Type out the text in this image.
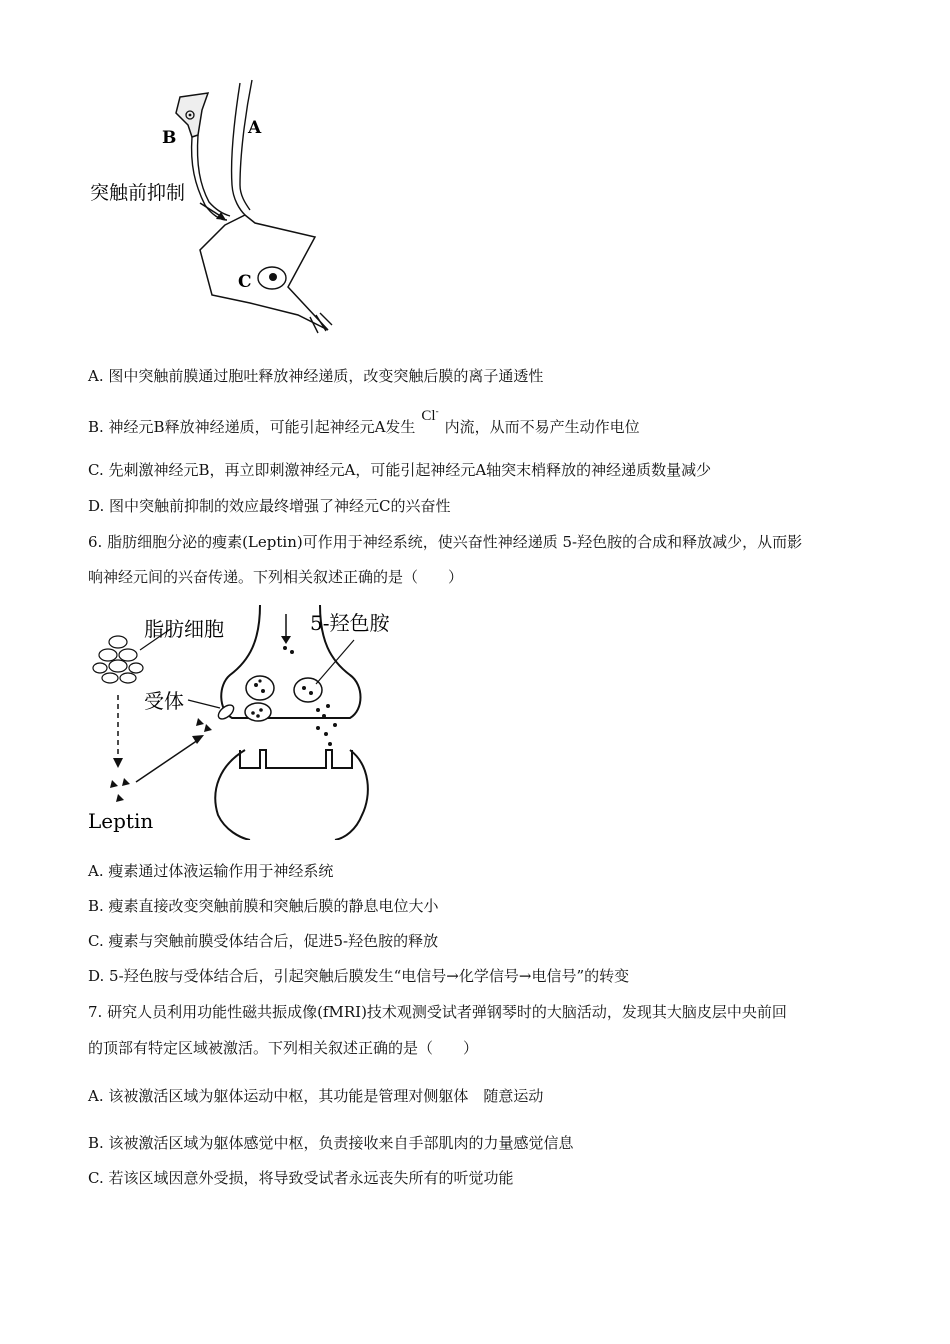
B	A
C
突触前抑制
A. 图中突触前膜通过胞吐释放神经递质，改变突触后膜的离子通透性
B. 神经元B释放神经递质，可能引起神经元A发生Cl-内流，从而不易产生动作电位
C. 先刺激神经元B，再立即刺激神经元A，可能引起神经元A轴突末梢释放的神经递质数量减少
D. 图中突触前抑制的效应最终增强了神经元C的兴奋性
6. 脂肪细胞分泌的瘦素(Leptin)可作用于神经系统，使兴奋性神经递质 5-羟色胺的合成和释放减少，从而影
响神经元间的兴奋传递。下列相关叙述正确的是（　　）
脂肪细胞
Leptin
受体
5-羟色胺
A. 瘦素通过体液运输作用于神经系统
B. 瘦素直接改变突触前膜和突触后膜的静息电位大小
C. 瘦素与突触前膜受体结合后，促进5-羟色胺的释放
D. 5-羟色胺与受体结合后，引起突触后膜发生“电信号→化学信号→电信号”的转变
7. 研究人员利用功能性磁共振成像(fMRI)技术观测受试者弹钢琴时的大脑活动，发现其大脑皮层中央前回
的顶部有特定区域被激活。下列相关叙述正确的是（　　）
A. 该被激活区域为躯体运动中枢，其功能是管理对侧躯体　随意运动
B. 该被激活区域为躯体感觉中枢，负责接收来自手部肌肉的力量感觉信息
C. 若该区域因意外受损，将导致受试者永远丧失所有的听觉功能
